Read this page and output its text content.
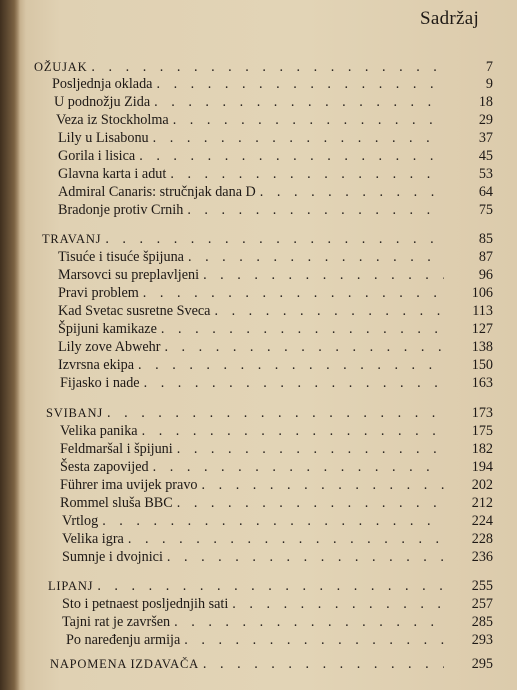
Sadržaj
OŽUJAK . . .	7
Posljednja oklada . . .	9
U podnožju Zida . . .	18
Veza iz Stockholma . . .	29
Lily u Lisabonu . . .	37
Gorila i lisica . . .	45
Glavna karta i adut . . .	53
Admiral Canaris: stručnjak dana D . . .	64
Bradonje protiv Crnih . . .	75
TRAVANJ . . .	85
Tisuće i tisuće špijuna . . .	87
Marsovci su preplavljeni . . .	96
Pravi problem . . .	106
Kad Svetac susretne Sveca . . .	113
Špijuni kamikaze . . .	127
Lily zove Abwehr . . .	138
Izvrsna ekipa . . .	150
Fijasko i nade . . .	163
SVIBANJ . . .	173
Velika panika . . .	175
Feldmaršal i špijuni . . .	182
Šesta zapovijed . . .	194
Führer ima uvijek pravo . . .	202
Rommel sluša BBC . . .	212
Vrtlog . . .	224
Velika igra . . .	228
Sumnje i dvojnici . . .	236
LIPANJ . . .	255
Sto i petnaest posljednjih sati . . .	257
Tajni rat je završen . . .	285
Po naređenju armija . . .	293
NAPOMENA IZDAVAČA . . .	295
